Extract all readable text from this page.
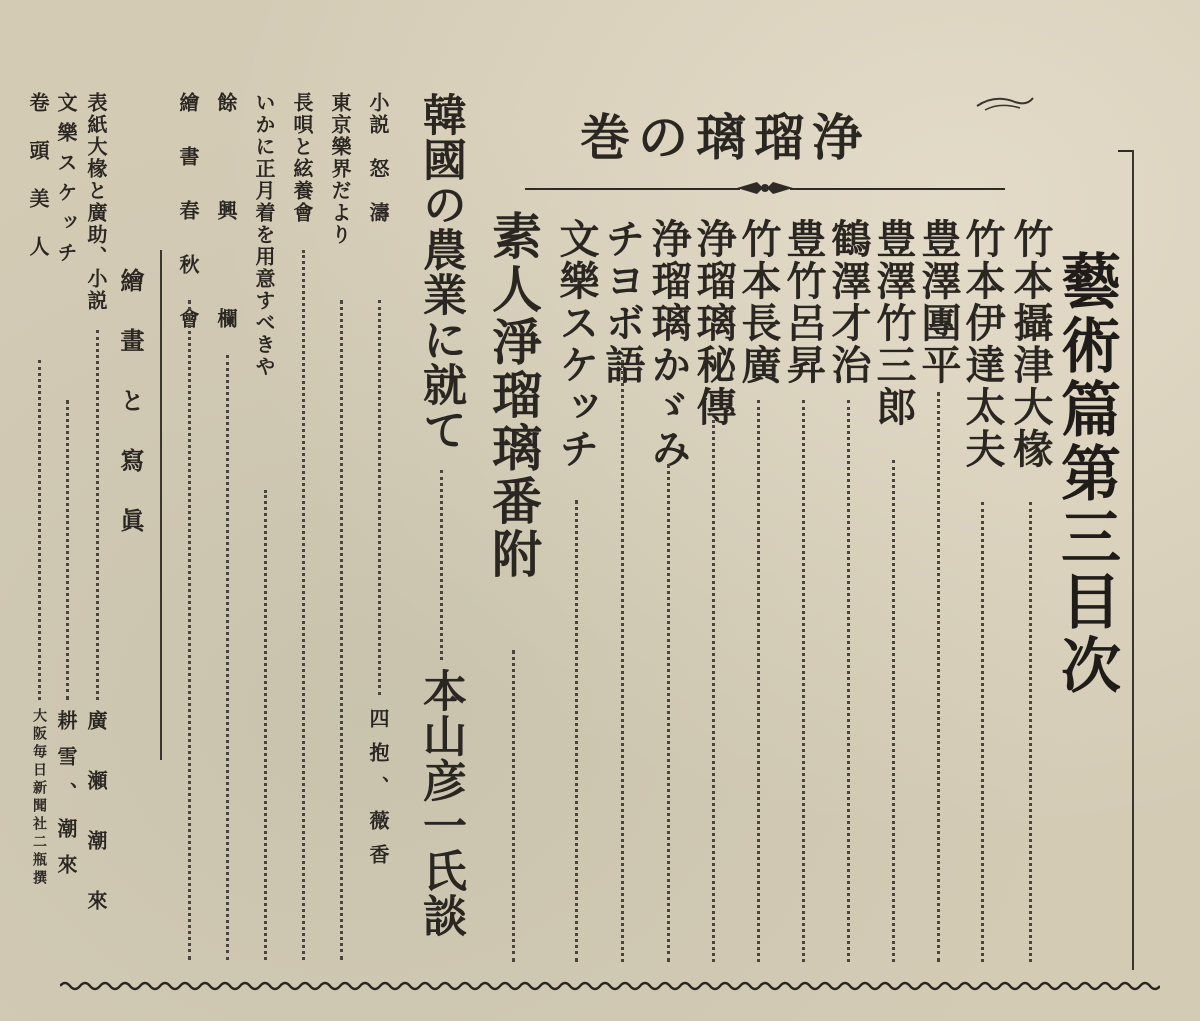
藝術篇第三目次
浄瑠璃の巻
竹本攝津大椽
竹本伊達太夫
豊澤團平
豊澤竹三郎
鶴澤才治
豊竹呂昇
竹本長廣
浄瑠璃秘傳
浄瑠璃かゞみ
チヨボ語
文樂スケッチ
素人淨瑠璃番附
韓國の農業に就て
本山彦一氏談
小説　怒　濤
四抱、薇香
東京樂界だより
長唄と絃養會
いかに正月着を用意すべきや
餘　興　欄
繪書春秋會
繪畫と寫眞
表紙大椽と廣助、小説
廣瀬潮來
文樂スケッチ
耕雪、潮來
卷頭美人
大阪毎日新聞社二瓶撰
